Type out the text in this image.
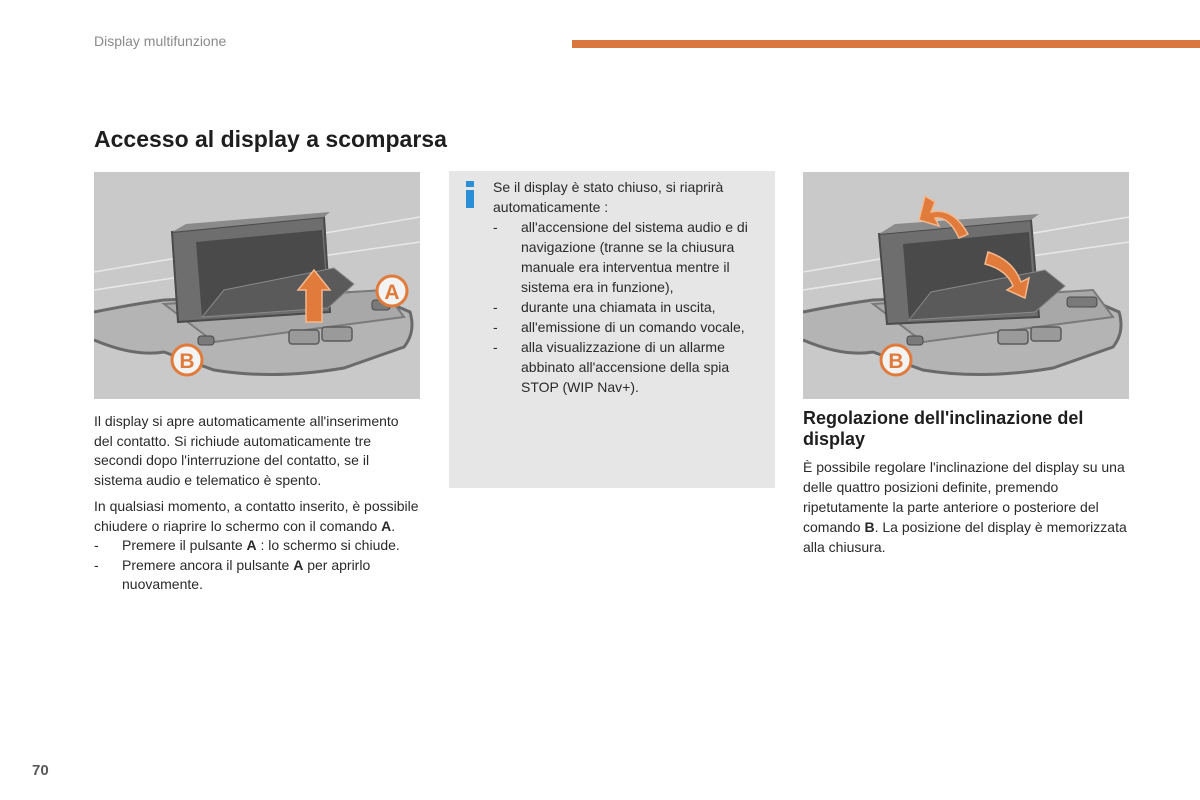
Display multifunzione
Accesso al display a scomparsa
A
B

Il display si apre automaticamente all'inserimento del contatto. Si richiude automaticamente tre secondi dopo l'interruzione del contatto, se il sistema audio e telematico è spento.

In qualsiasi momento, a contatto inserito, è possibile chiudere o riaprire lo schermo con il comando A.

- Premere il pulsante A : lo schermo si chiude.
- Premere ancora il pulsante A per aprirlo nuovamente.

Se il display è stato chiuso, si riaprirà automaticamente :

- all'accensione del sistema audio e di navigazione (tranne se la chiusura manuale era interventua mentre il sistema era in funzione),
- durante una chiamata in uscita,
- all'emissione di un comando vocale,
- alla visualizzazione di un allarme abbinato all'accensione della spia STOP (WIP Nav+).
B
Regolazione dell'inclinazione del display

È possibile regolare l'inclinazione del display su una delle quattro posizioni definite, premendo ripetutamente la parte anteriore o posteriore del comando B. La posizione del display è memorizzata alla chiusura.

70
